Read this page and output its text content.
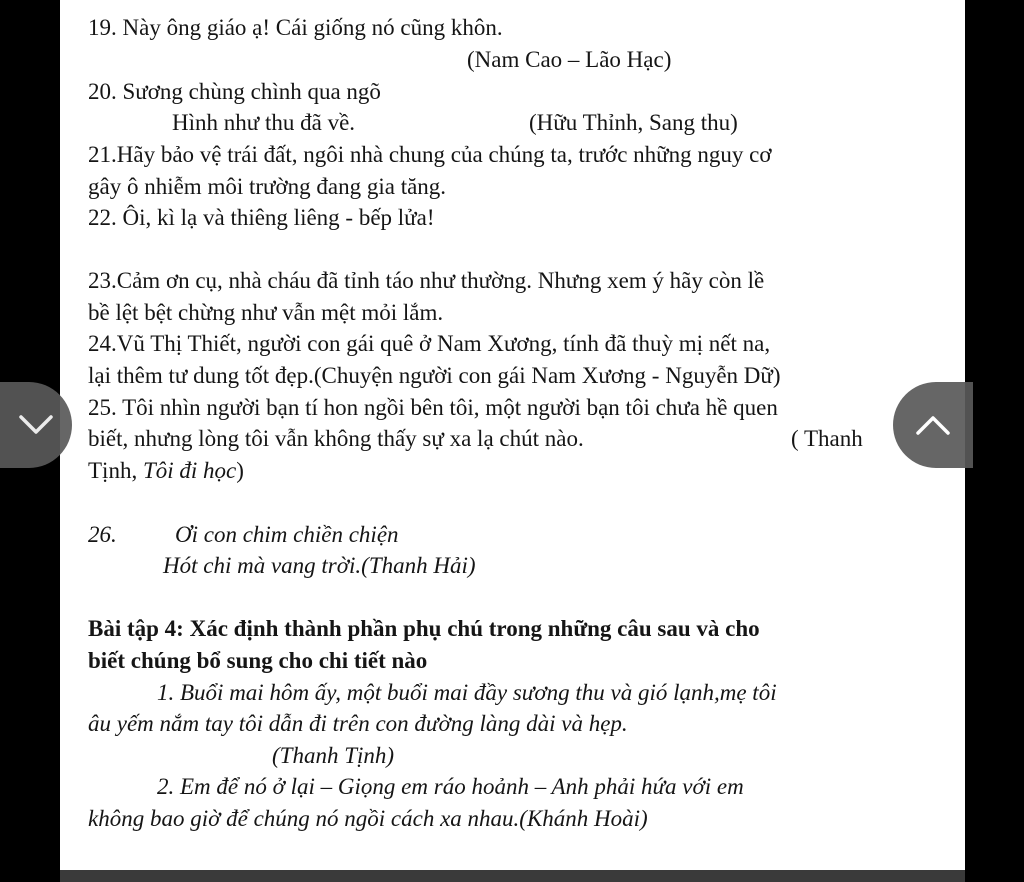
19. Này ông giáo ạ! Cái giống nó cũng khôn.
(Nam Cao – Lão Hạc)
20. Sương chùng chình qua ngõ
Hình như thu đã về.	(Hữu Thỉnh, Sang thu)
21.Hãy bảo vệ trái đất, ngôi nhà chung của chúng ta, trước những nguy cơ
gây ô nhiễm môi trường đang gia tăng.
22. Ôi, kì lạ và thiêng liêng - bếp lửa!
23.Cảm ơn cụ, nhà cháu đã tỉnh táo như thường. Nhưng xem ý hãy còn lề
bề lệt bệt chừng như vẫn mệt mỏi lắm.
24.Vũ Thị Thiết, người con gái quê ở Nam Xương, tính đã thuỳ mị nết na,
lại thêm tư dung tốt đẹp.(Chuyện người con gái Nam Xương - Nguyễn Dữ)
25. Tôi nhìn người bạn tí hon ngồi bên tôi, một người bạn tôi chưa hề quen
biết, nhưng lòng tôi vẫn không thấy sự xa lạ chút nào.	( Thanh
Tịnh, Tôi đi học)
26.	Ơi con chim chiền chiện
Hót chi mà vang trời.(Thanh Hải)
Bài tập 4: Xác định thành phần phụ chú trong những câu sau và cho
biết chúng bổ sung cho chi tiết nào
1. Buổi mai hôm ấy, một buổi mai đầy sương thu và gió lạnh,mẹ tôi
âu yếm nắm tay tôi dẫn đi trên con đường làng dài và hẹp.
(Thanh Tịnh)
2. Em để nó ở lại – Giọng em ráo hoảnh – Anh phải hứa với em
không bao giờ để chúng nó ngồi cách xa nhau.(Khánh Hoài)
